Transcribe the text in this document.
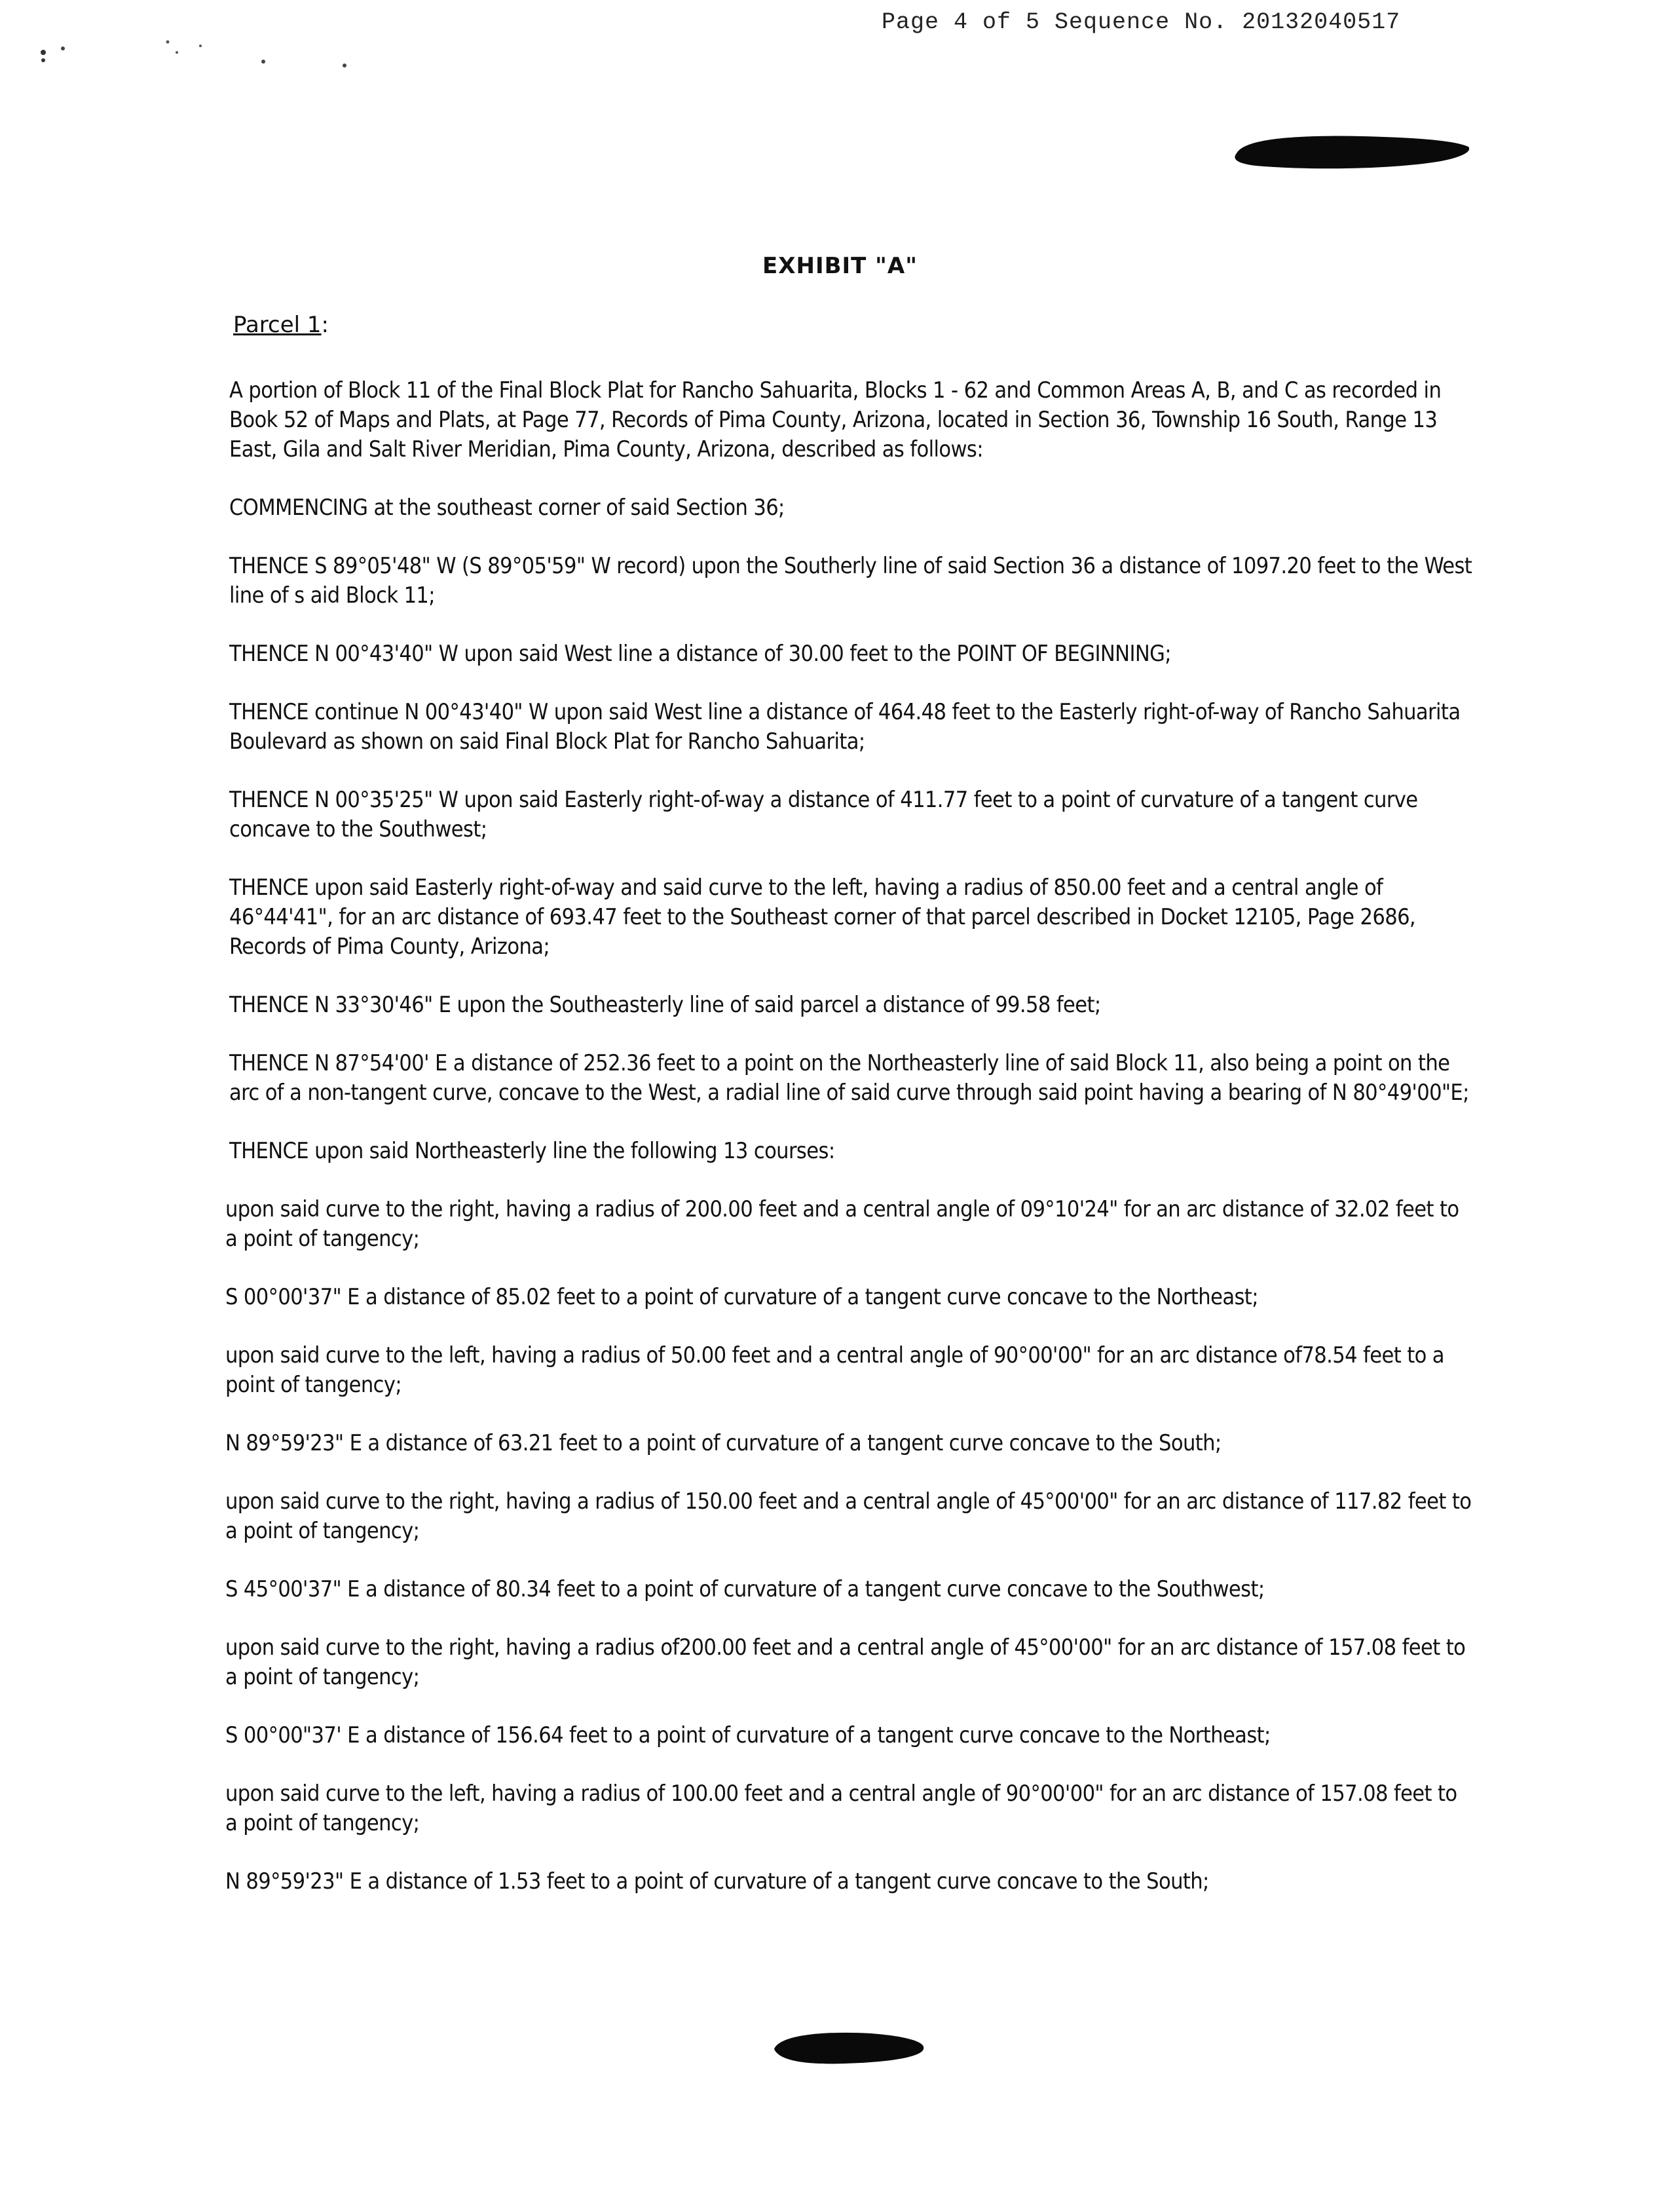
Page 4 of 5 Sequence No. 20132040517
EXHIBIT "A"
Parcel 1:

A portion of Block 11 of the Final Block Plat for Rancho Sahuarita, Blocks 1 - 62 and Common Areas A, B, and C as recorded in Book 52 of Maps and Plats, at Page 77, Records of Pima County, Arizona, located in Section 36, Township 16 South, Range 13 East, Gila and Salt River Meridian, Pima County, Arizona, described as follows:

COMMENCING at the southeast corner of said Section 36;

THENCE S 89°05'48" W (S 89°05'59" W record) upon the Southerly line of said Section 36 a distance of 1097.20 feet to the West line of s aid Block 11;

THENCE N 00°43'40" W upon said West line a distance of 30.00 feet to the POINT OF BEGINNING;

THENCE continue N 00°43'40" W upon said West line a distance of 464.48 feet to the Easterly right-of-way of Rancho Sahuarita Boulevard as shown on said Final Block Plat for Rancho Sahuarita;

THENCE N 00°35'25" W upon said Easterly right-of-way a distance of 411.77 feet to a point of curvature of a tangent curve concave to the Southwest;

THENCE upon said Easterly right-of-way and said curve to the left, having a radius of 850.00 feet and a central angle of 46°44'41", for an arc distance of 693.47 feet to the Southeast corner of that parcel described in Docket 12105, Page 2686, Records of Pima County, Arizona;

THENCE N 33°30'46" E upon the Southeasterly line of said parcel a distance of 99.58 feet;

THENCE N 87°54'00' E a distance of 252.36 feet to a point on the Northeasterly line of said Block 11, also being a point on the arc of a non-tangent curve, concave to the West, a radial line of said curve through said point having a bearing of N 80°49'00"E;

THENCE upon said Northeasterly line the following 13 courses:

upon said curve to the right, having a radius of 200.00 feet and a central angle of 09°10'24" for an arc distance of 32.02 feet to a point of tangency;

S 00°00'37" E a distance of 85.02 feet to a point of curvature of a tangent curve concave to the Northeast;

upon said curve to the left, having a radius of 50.00 feet and a central angle of 90°00'00" for an arc distance of78.54 feet to a point of tangency;

N 89°59'23" E a distance of 63.21 feet to a point of curvature of a tangent curve concave to the South;

upon said curve to the right, having a radius of 150.00 feet and a central angle of 45°00'00" for an arc distance of 117.82 feet to a point of tangency;

S 45°00'37" E a distance of 80.34 feet to a point of curvature of a tangent curve concave to the Southwest;

upon said curve to the right, having a radius of200.00 feet and a central angle of 45°00'00" for an arc distance of 157.08 feet to a point of tangency;

S 00°00"37' E a distance of 156.64 feet to a point of curvature of a tangent curve concave to the Northeast;

upon said curve to the left, having a radius of 100.00 feet and a central angle of 90°00'00" for an arc distance of 157.08 feet to a point of tangency;

N 89°59'23" E a distance of 1.53 feet to a point of curvature of a tangent curve concave to the South;
